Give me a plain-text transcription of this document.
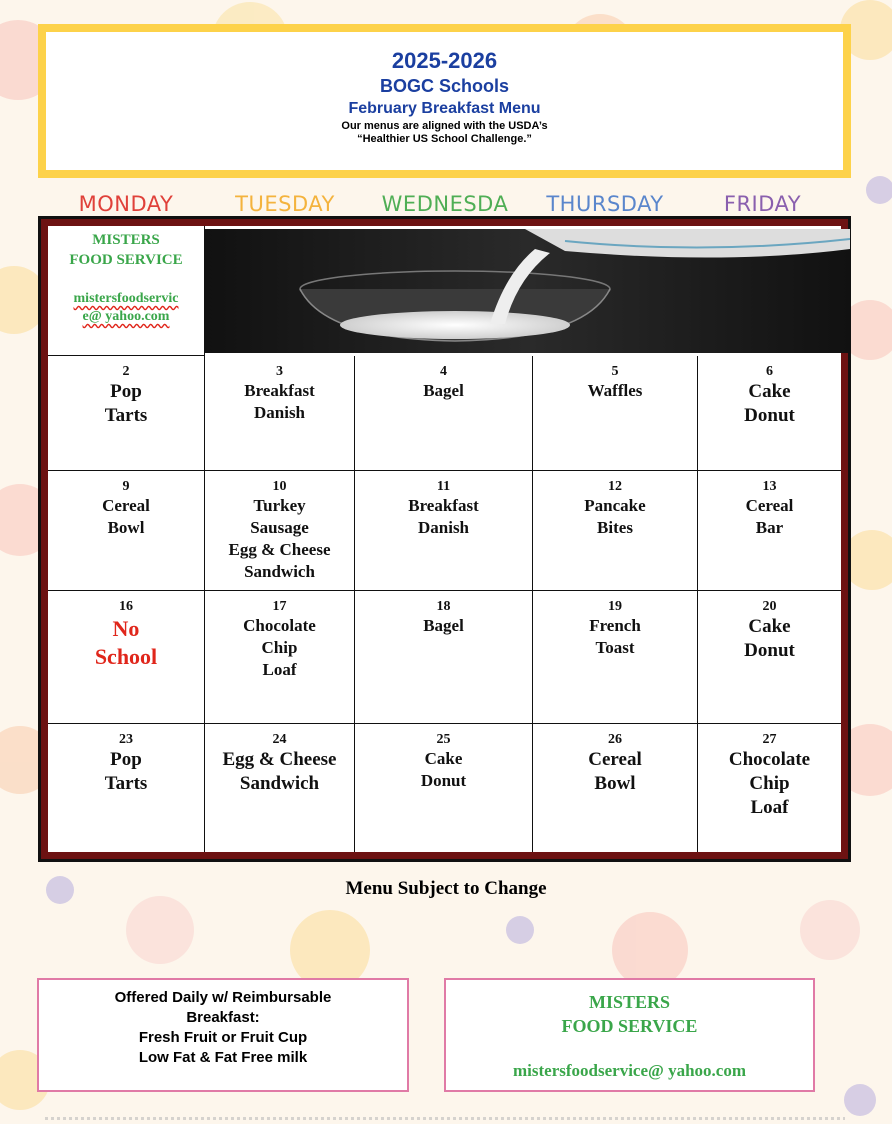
2025-2026
BOGC Schools
February Breakfast Menu
Our menus are aligned with the USDA’s
“Healthier US School Challenge.”
MONDAY	TUESDAY	WEDNESDA	THURSDAY	FRIDAY
MISTERS
FOOD SERVICE
mistersfoodservic
e@ yahoo.com
2
Pop
Tarts
3
Breakfast
Danish
4
Bagel
5
Waffles
6
Cake
Donut
9
Cereal
Bowl
10
Turkey
Sausage
Egg & Cheese
Sandwich
11
Breakfast
Danish
12
Pancake
Bites
13
Cereal
Bar
16
No
School
17
Chocolate
Chip
Loaf
18
Bagel
19
French
Toast
20
Cake
Donut
23
Pop
Tarts
24
Egg & Cheese
Sandwich
25
Cake
Donut
26
Cereal
Bowl
27
Chocolate
Chip
Loaf
Menu Subject to Change
Offered Daily w/ Reimbursable
Breakfast:
Fresh Fruit or Fruit Cup
Low Fat & Fat Free milk
MISTERS
FOOD SERVICE
mistersfoodservice@ yahoo.com
